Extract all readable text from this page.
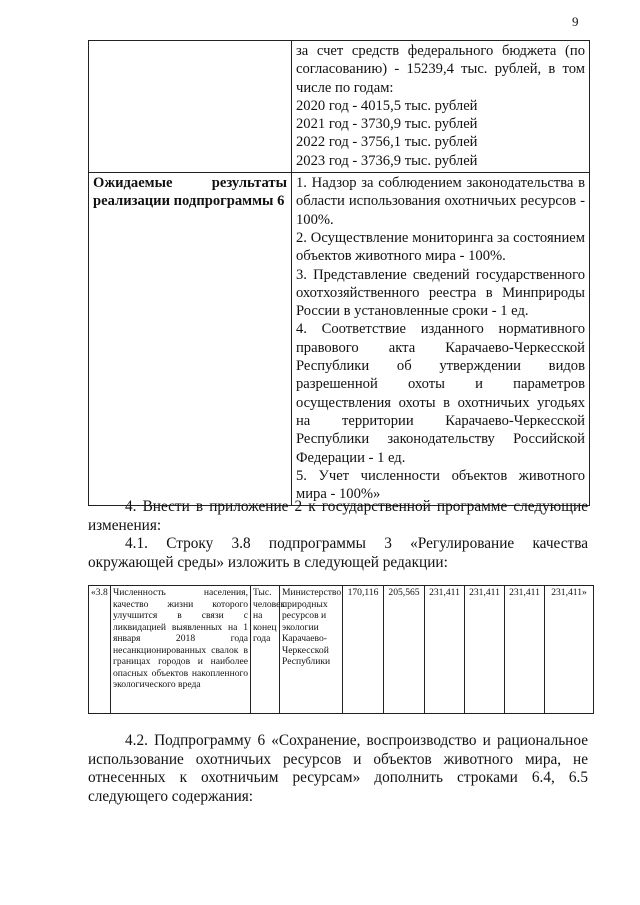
9

	за счет средств федерального бюджета (по согласованию) - 15239,4 тыс. рублей, в том числе по годам:

2020 год - 4015,5 тыс. рублей

2021 год - 3730,9 тыс. рублей

2022 год - 3756,1 тыс. рублей

2023 год - 3736,9 тыс. рублей

Ожидаемые результаты реализации подпрограммы 6	1. Надзор за соблюдением законодательства в области использования охотничьих ресурсов - 100%.

2. Осуществление мониторинга за состоянием объектов животного мира - 100%.

3. Представление сведений государственного охотхозяйственного реестра в Минприроды России в установленные сроки - 1 ед.

4. Соответствие изданного нормативного правового акта Карачаево-Черкесской Республики об утверждении видов разрешенной охоты и параметров осуществления охоты в охотничьих угодьях на территории Карачаево-Черкесской Республики законодательству Российской Федерации - 1 ед.

5. Учет численности объектов животного мира - 100%»

4. Внести в приложение 2 к государственной программе следующие изменения:

4.1. Строку 3.8 подпрограммы 3 «Регулирование качества окружающей среды» изложить в следующей редакции:

«3.8	Численность населения, качество жизни которого улучшится в связи с ликвидацией выявленных на 1 января 2018 года несанкционированных свалок в границах городов и наиболее опасных объектов накопленного экологического вреда	Тыс. человек на конец года	Министерство природных ресурсов и экологии Карачаево-Черкесской Республики	170,116	205,565	231,411	231,411	231,411	231,411»

4.2. Подпрограмму 6 «Сохранение, воспроизводство и рациональное использование охотничьих ресурсов и объектов животного мира, не отнесенных к охотничьим ресурсам» дополнить строками 6.4, 6.5 следующего содержания:
